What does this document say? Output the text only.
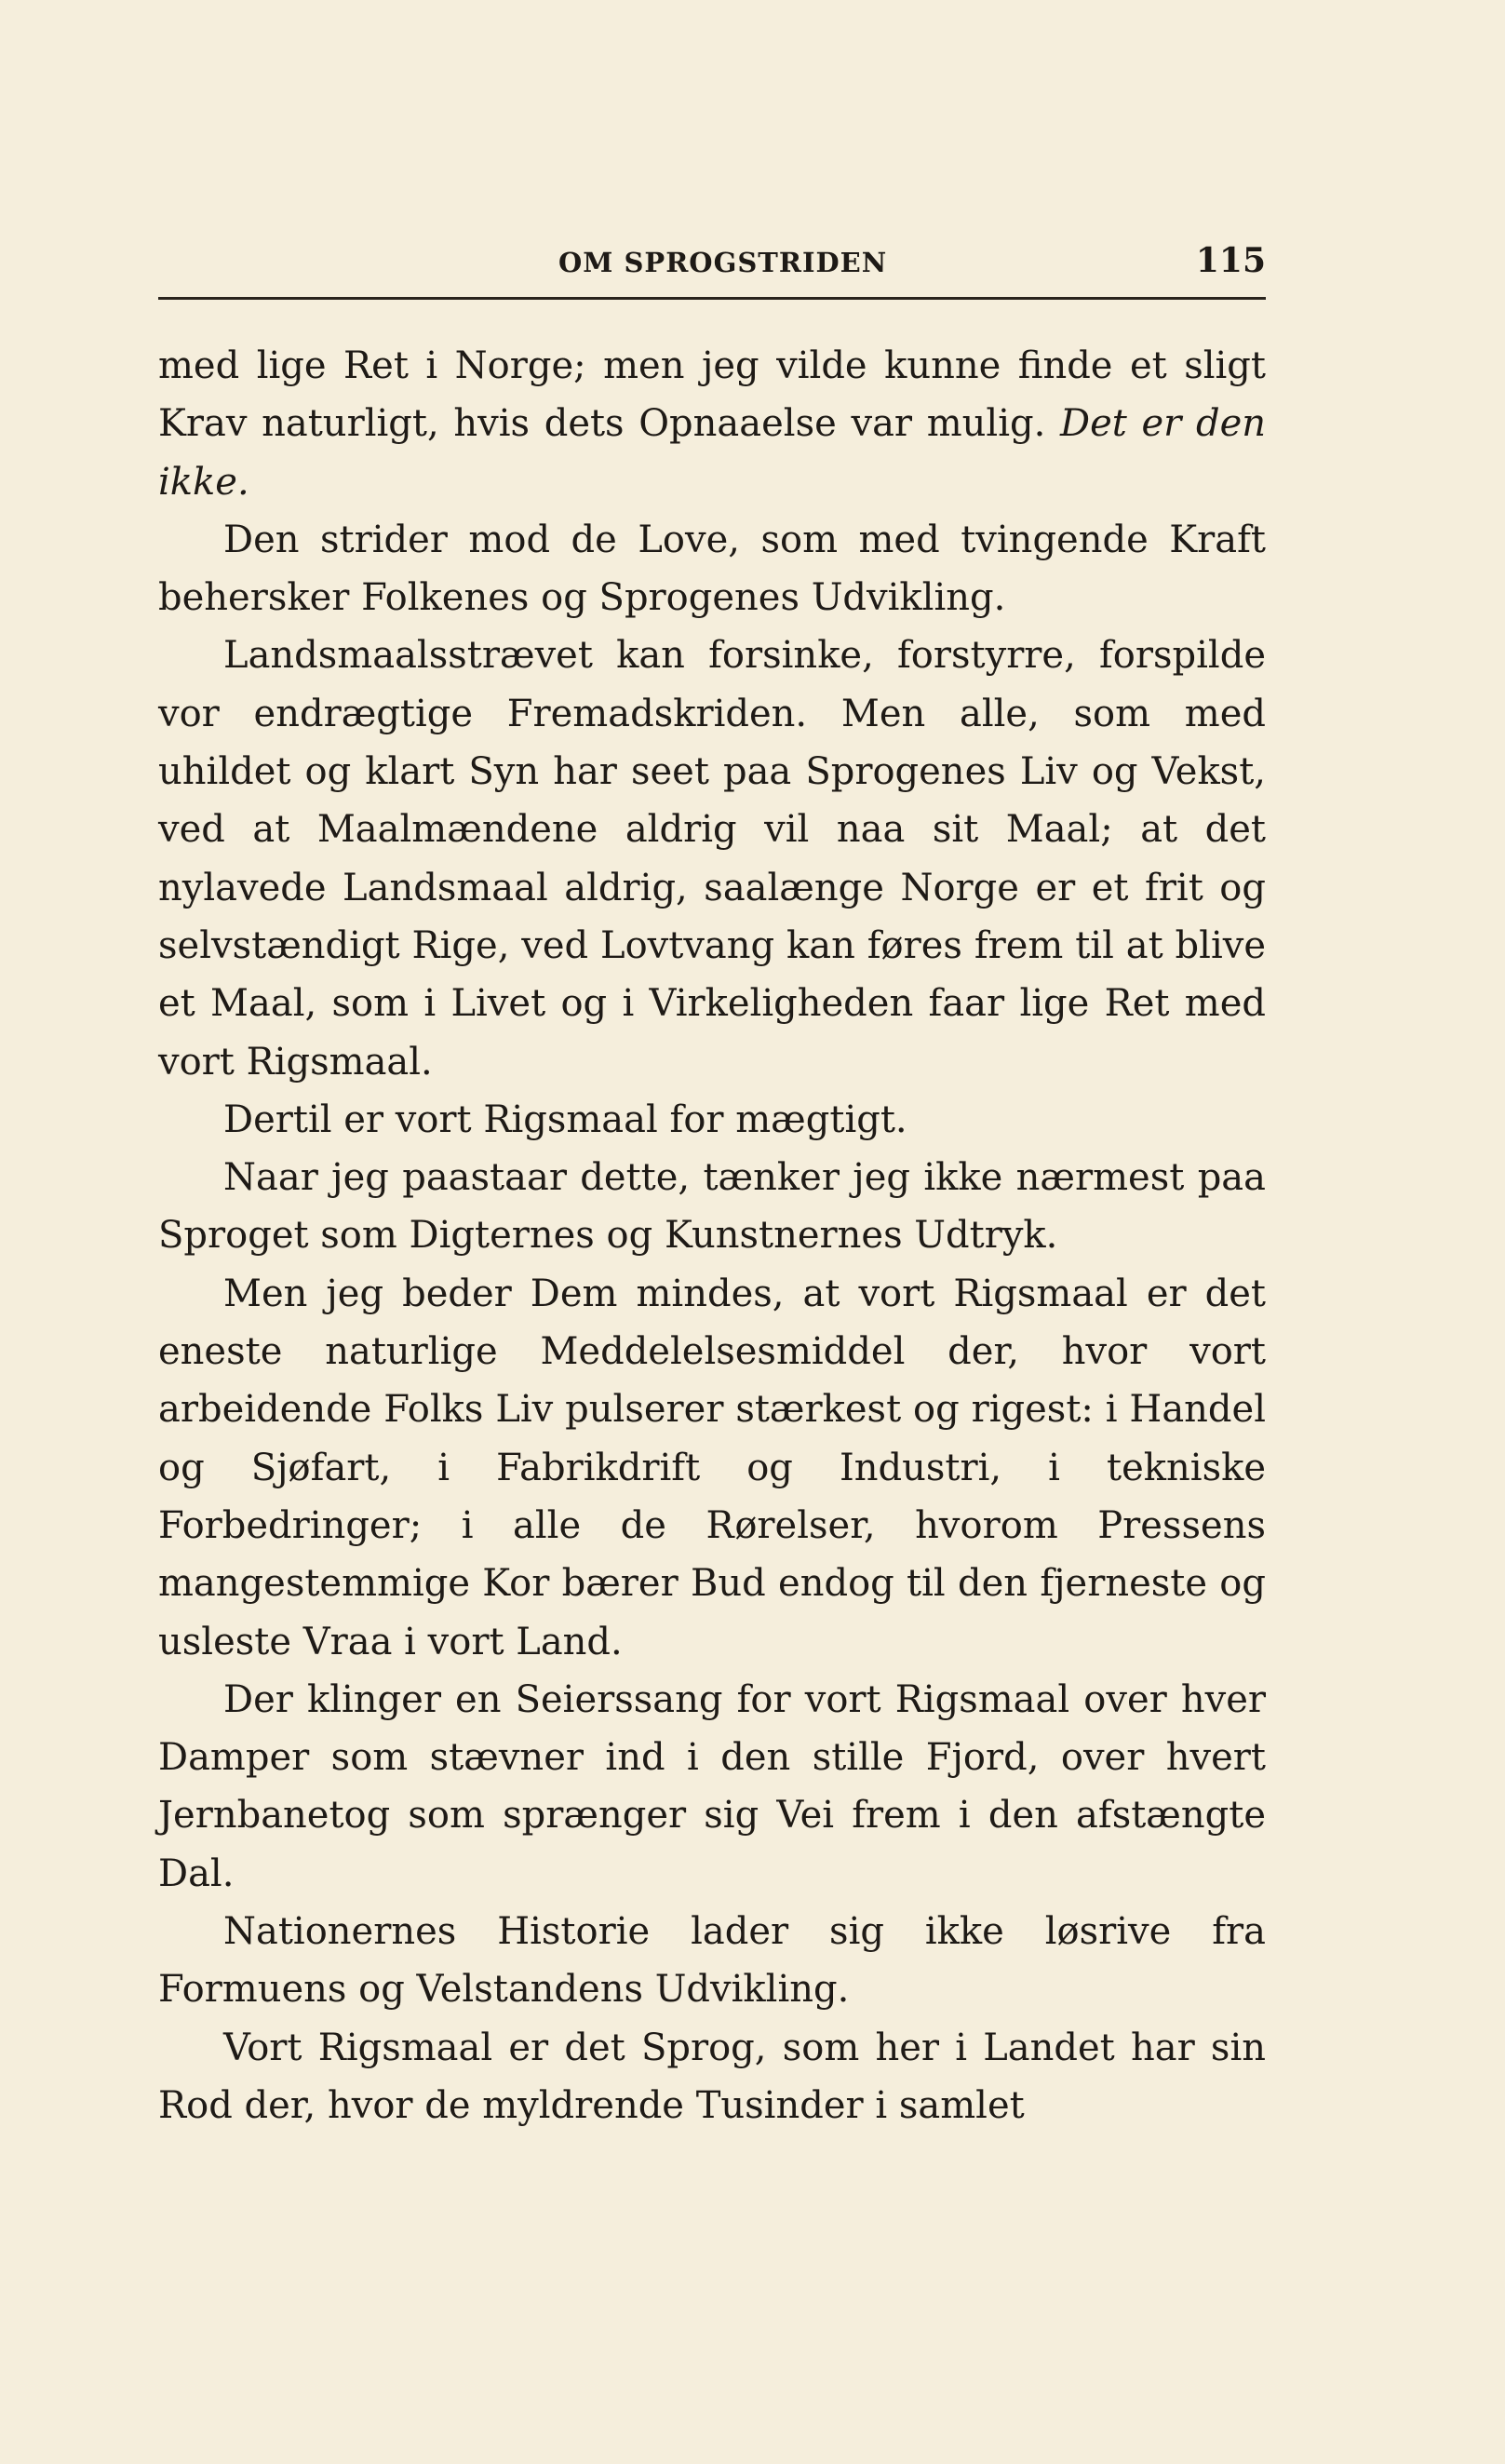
OM SPROGSTRIDEN	115

med lige Ret i Norge; men jeg vilde kunne finde et sligt Krav naturligt, hvis dets Opnaaelse var mulig. Det er den ikke.

Den strider mod de Love, som med tvingende Kraft behersker Folkenes og Sprogenes Udvikling.

Landsmaalsstrævet kan forsinke, forstyrre, forspilde vor endrægtige Fremadskriden. Men alle, som med uhildet og klart Syn har seet paa Sprogenes Liv og Vekst, ved at Maalmændene aldrig vil naa sit Maal; at det nylavede Landsmaal aldrig, saalænge Norge er et frit og selvstændigt Rige, ved Lovtvang kan føres frem til at blive et Maal, som i Livet og i Virkeligheden faar lige Ret med vort Rigsmaal.

Dertil er vort Rigsmaal for mægtigt.

Naar jeg paastaar dette, tænker jeg ikke nærmest paa Sproget som Digternes og Kunstnernes Udtryk.

Men jeg beder Dem mindes, at vort Rigsmaal er det eneste naturlige Meddelelsesmiddel der, hvor vort arbeidende Folks Liv pulserer stærkest og rigest: i Handel og Sjøfart, i Fabrikdrift og Industri, i tekniske Forbedringer; i alle de Rørelser, hvorom Pressens mangestemmige Kor bærer Bud endog til den fjerneste og usleste Vraa i vort Land.

Der klinger en Seierssang for vort Rigsmaal over hver Damper som stævner ind i den stille Fjord, over hvert Jernbanetog som sprænger sig Vei frem i den afstængte Dal.

Nationernes Historie lader sig ikke løsrive fra Formuens og Velstandens Udvikling.

Vort Rigsmaal er det Sprog, som her i Landet har sin Rod der, hvor de myldrende Tusinder i samlet
